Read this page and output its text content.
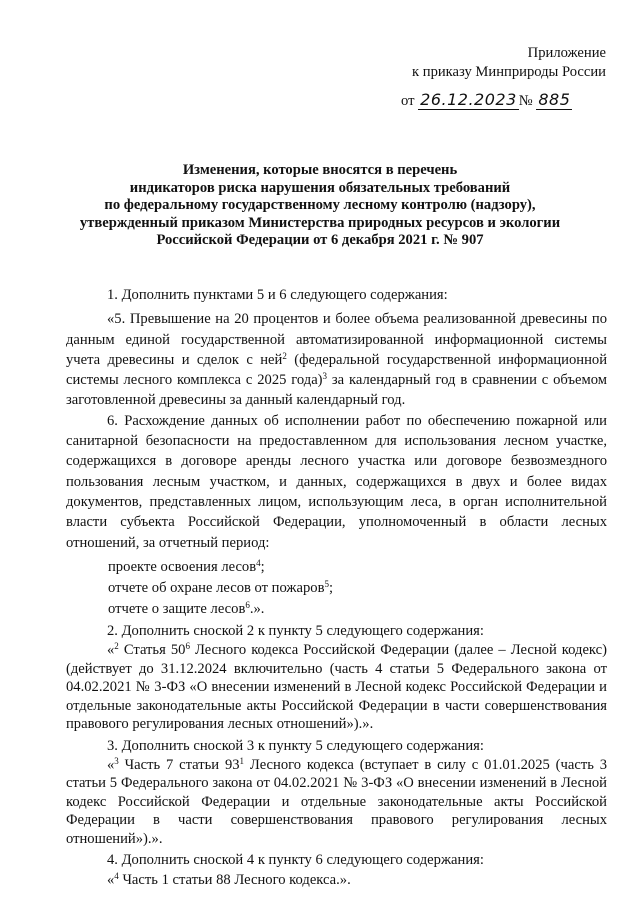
Приложение
к приказу Минприроды России
от 26.12.2023 № 885
Изменения, которые вносятся в перечень
индикаторов риска нарушения обязательных требований
по федеральному государственному лесному контролю (надзору),
утвержденный приказом Министерства природных ресурсов и экологии
Российской Федерации от 6 декабря 2021 г. № 907

1. Дополнить пунктами 5 и 6 следующего содержания:

«5. Превышение на 20 процентов и более объема реализованной древесины по данным единой государственной автоматизированной информационной системы учета древесины и сделок с ней$^2$ (федеральной государственной информационной системы лесного комплекса с 2025 года)$^3$ за календарный год в сравнении с объемом заготовленной древесины за данный календарный год.

6. Расхождение данных об исполнении работ по обеспечению пожарной или санитарной безопасности на предоставленном для использования лесном участке, содержащихся в договоре аренды лесного участка или договоре безвозмездного пользования лесным участком, и данных, содержащихся в двух и более видах документов, представленных лицом, использующим леса, в орган исполнительной власти субъекта Российской Федерации, уполномоченный в области лесных отношений, за отчетный период:

проекте освоения лесов$^4$;

отчете об охране лесов от пожаров$^5$;

отчете о защите лесов$^6$.».

2. Дополнить сноской 2 к пункту 5 следующего содержания:

«$^2$ Статья $50^6$ Лесного кодекса Российской Федерации (далее – Лесной кодекс) (действует до 31.12.2024 включительно (часть 4 статьи 5 Федерального закона от 04.02.2021 № 3-ФЗ «О внесении изменений в Лесной кодекс Российской Федерации и отдельные законодательные акты Российской Федерации в части совершенствования правового регулирования лесных отношений»).».

3. Дополнить сноской 3 к пункту 5 следующего содержания:

«$^3$ Часть 7 статьи $93^1$ Лесного кодекса (вступает в силу с 01.01.2025 (часть 3 статьи 5 Федерального закона от 04.02.2021 № 3-ФЗ «О внесении изменений в Лесной кодекс Российской Федерации и отдельные законодательные акты Российской Федерации в части совершенствования правового регулирования лесных отношений»).».

4. Дополнить сноской 4 к пункту 6 следующего содержания:

«$^4$ Часть 1 статьи 88 Лесного кодекса.».
